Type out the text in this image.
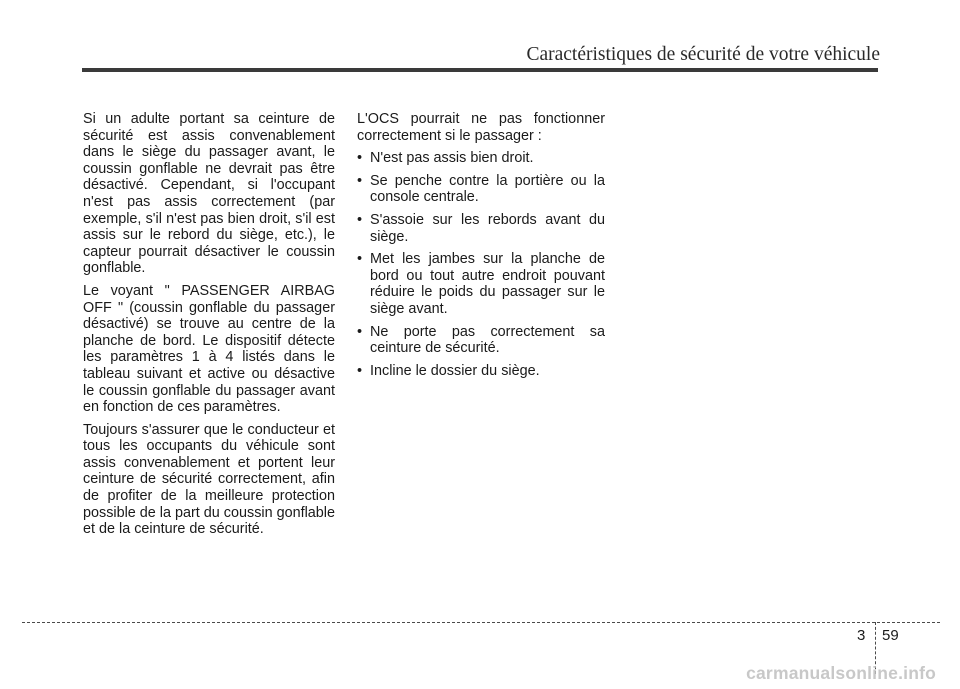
Caractéristiques de sécurité de votre véhicule

Si un adulte portant sa ceinture de sécurité est assis convenablement dans le siège du passager avant, le coussin gonflable ne devrait pas être désactivé. Cependant, si l'occupant n'est pas assis correctement (par exemple, s'il n'est pas bien droit, s'il est assis sur le rebord du siège, etc.), le capteur pourrait désactiver le coussin gonflable.

Le voyant " PASSENGER AIRBAG OFF " (coussin gonflable du passager désactivé) se trouve au centre de la planche de bord. Le dispositif détecte les paramètres 1 à 4 listés dans le tableau suivant et active ou désactive le coussin gonflable du passager avant en fonction de ces paramètres.

Toujours s'assurer que le conducteur et tous les occupants du véhicule sont assis convenablement et portent leur ceinture de sécurité correctement, afin de profiter de la meilleure protection possible de la part du coussin gonflable et de la ceinture de sécurité.

L'OCS pourrait ne pas fonctionner correctement si le passager :

• N'est pas assis bien droit.
• Se penche contre la portière ou la console centrale.
• S'assoie sur les rebords avant du siège.
• Met les jambes sur la planche de bord ou tout autre endroit pouvant réduire le poids du passager sur le siège avant.
• Ne porte pas correctement sa ceinture de sécurité.
• Incline le dossier du siège.
3 59
carmanualsonline.info
